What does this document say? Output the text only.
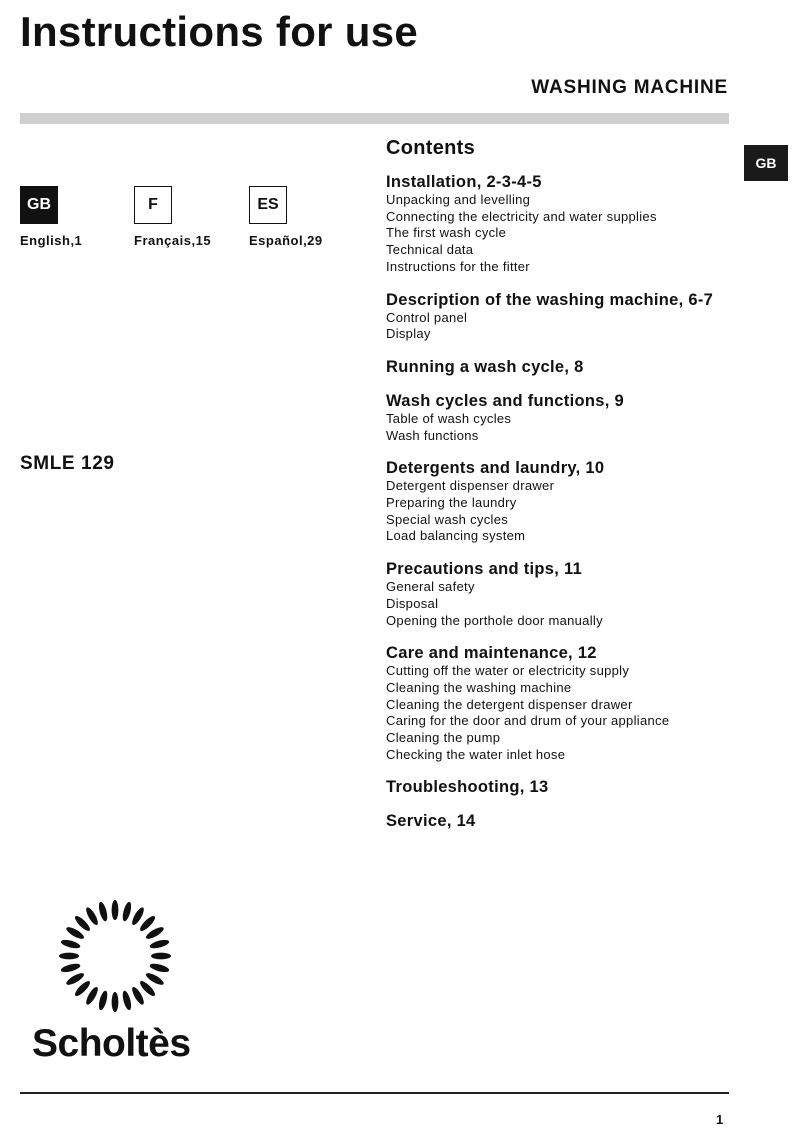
Instructions for use
WASHING MACHINE
GB
GB
English,1
F
Français,15
ES
Español,29
SMLE 129
Contents
Installation, 2-3-4-5
Unpacking and levelling
Connecting the electricity and water supplies
The first wash cycle
Technical data
Instructions for the fitter
Description of the washing machine, 6-7
Control panel
Display
Running a wash cycle, 8
Wash cycles and functions, 9
Table of wash cycles
Wash functions
Detergents and laundry, 10
Detergent dispenser drawer
Preparing the laundry
Special wash cycles
Load balancing system
Precautions and tips, 11
General safety
Disposal
Opening the porthole door manually
Care and maintenance, 12
Cutting off the water or electricity supply
Cleaning the washing machine
Cleaning the detergent dispenser drawer
Caring for the door and drum of your appliance
Cleaning the pump
Checking the water inlet hose
Troubleshooting, 13
Service, 14
Scholtès
1
